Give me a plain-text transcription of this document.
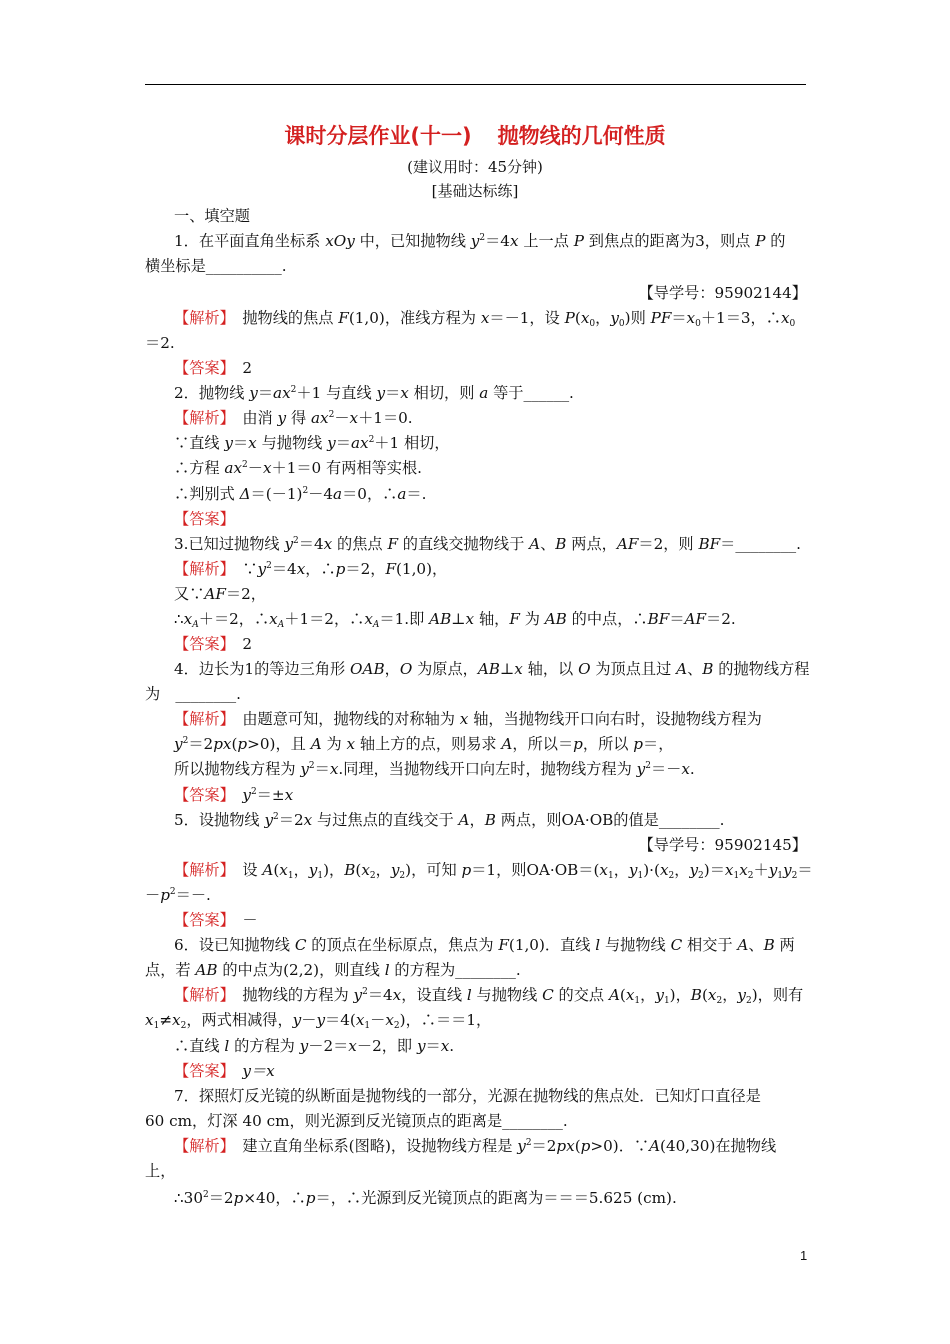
课时分层作业(十一) 抛物线的几何性质
(建议用时：45分钟)
[基础达标练]
一、填空题
1．在平面直角坐标系 xOy 中，已知抛物线 $y^2=4x$ 上一点 P 到焦点的距离为3，则点 P 的
横坐标是__________.
【导学号：95902144】
【解析】　抛物线的焦点 F(1,0)，准线方程为 x＝－1，设 $P(x_0$，$y_0$)则 $PF=x_0+1=3$，$\therefore x_0$
＝2.
【答案】　 2
2．抛物线 $y=ax^2+1$ 与直线 y＝x 相切，则 a 等于______.
【解析】　由消 y 得 $ax^2-x+1=0$.
∵直线 y＝x 与抛物线 $y=ax^2+1$ 相切，
∴方程 $ax^2-x+1=0$ 有两相等实根.
∴判别式 $\Delta=(-1)^2-4a=0$，∴a＝.
【答案】
3.已知过抛物线 $y^2=4x$ 的焦点 F 的直线交抛物线于 A、B 两点，AF＝2，则 BF＝________.
【解析】　$\because y^2=4x$，∴p＝2，F(1,0)，
又∵AF＝2，
$\therefore x_A+=2$，$\therefore x_A+1=2$，$\therefore x_A=1$.即 AB⊥x 轴，F 为 AB 的中点，∴BF＝AF＝2.
【答案】　 2
4．边长为1的等边三角形 OAB，O 为原点，AB⊥x 轴，以 O 为顶点且过 A、B 的抛物线方程
为　________.
【解析】　由题意可知，抛物线的对称轴为 x 轴，当抛物线开口向右时，设抛物线方程为
$y^2=2px(p>0)$，且 A 为 x 轴上方的点，则易求 A，所以＝p，所以 p＝，
所以抛物线方程为 $y^2=x$.同理，当抛物线开口向左时，抛物线方程为 $y^2=-x$.
【答案】　 $y^2=\pm x$
5．设抛物线 $y^2=2x$ 与过焦点的直线交于 A，B 两点，则OA·OB的值是________.
【导学号：95902145】
【解析】　设 $A(x_1$，$y_1$)，$B(x_2$，$y_2$)，可知 p＝1，则$OA\cdot OB=(x_1$，$y_1)\cdot(x_2$，$y_2)=x_1x_2+y_1y_2=$
$-p^2=-$.
【答案】　－
6．设已知抛物线 C 的顶点在坐标原点，焦点为 F(1,0)．直线 l 与抛物线 C 相交于 A、B 两
点，若 AB 的中点为(2,2)，则直线 l 的方程为________.
【解析】　抛物线的方程为 $y^2=4x$，设直线 l 与抛物线 C 的交点 $A(x_1$，$y_1$)，$B(x_2$，$y_2$)，则有
$x_1\ne x_2$，两式相减得，$y-y=4(x_1-x_2)$，∴＝＝1，
∴直线 l 的方程为 y－2＝x－2，即 y＝x.
【答案】　 y＝x
7．探照灯反光镜的纵断面是抛物线的一部分，光源在抛物线的焦点处．已知灯口直径是
60 cm，灯深 40 cm，则光源到反光镜顶点的距离是________.
【解析】　建立直角坐标系(图略)，设抛物线方程是 $y^2=2px(p>0)$．∵A(40,30)在抛物线
上，
$\therefore 30^2=2p\times 40$，∴p＝，∴光源到反光镜顶点的距离为＝＝＝5.625 (cm).
1
